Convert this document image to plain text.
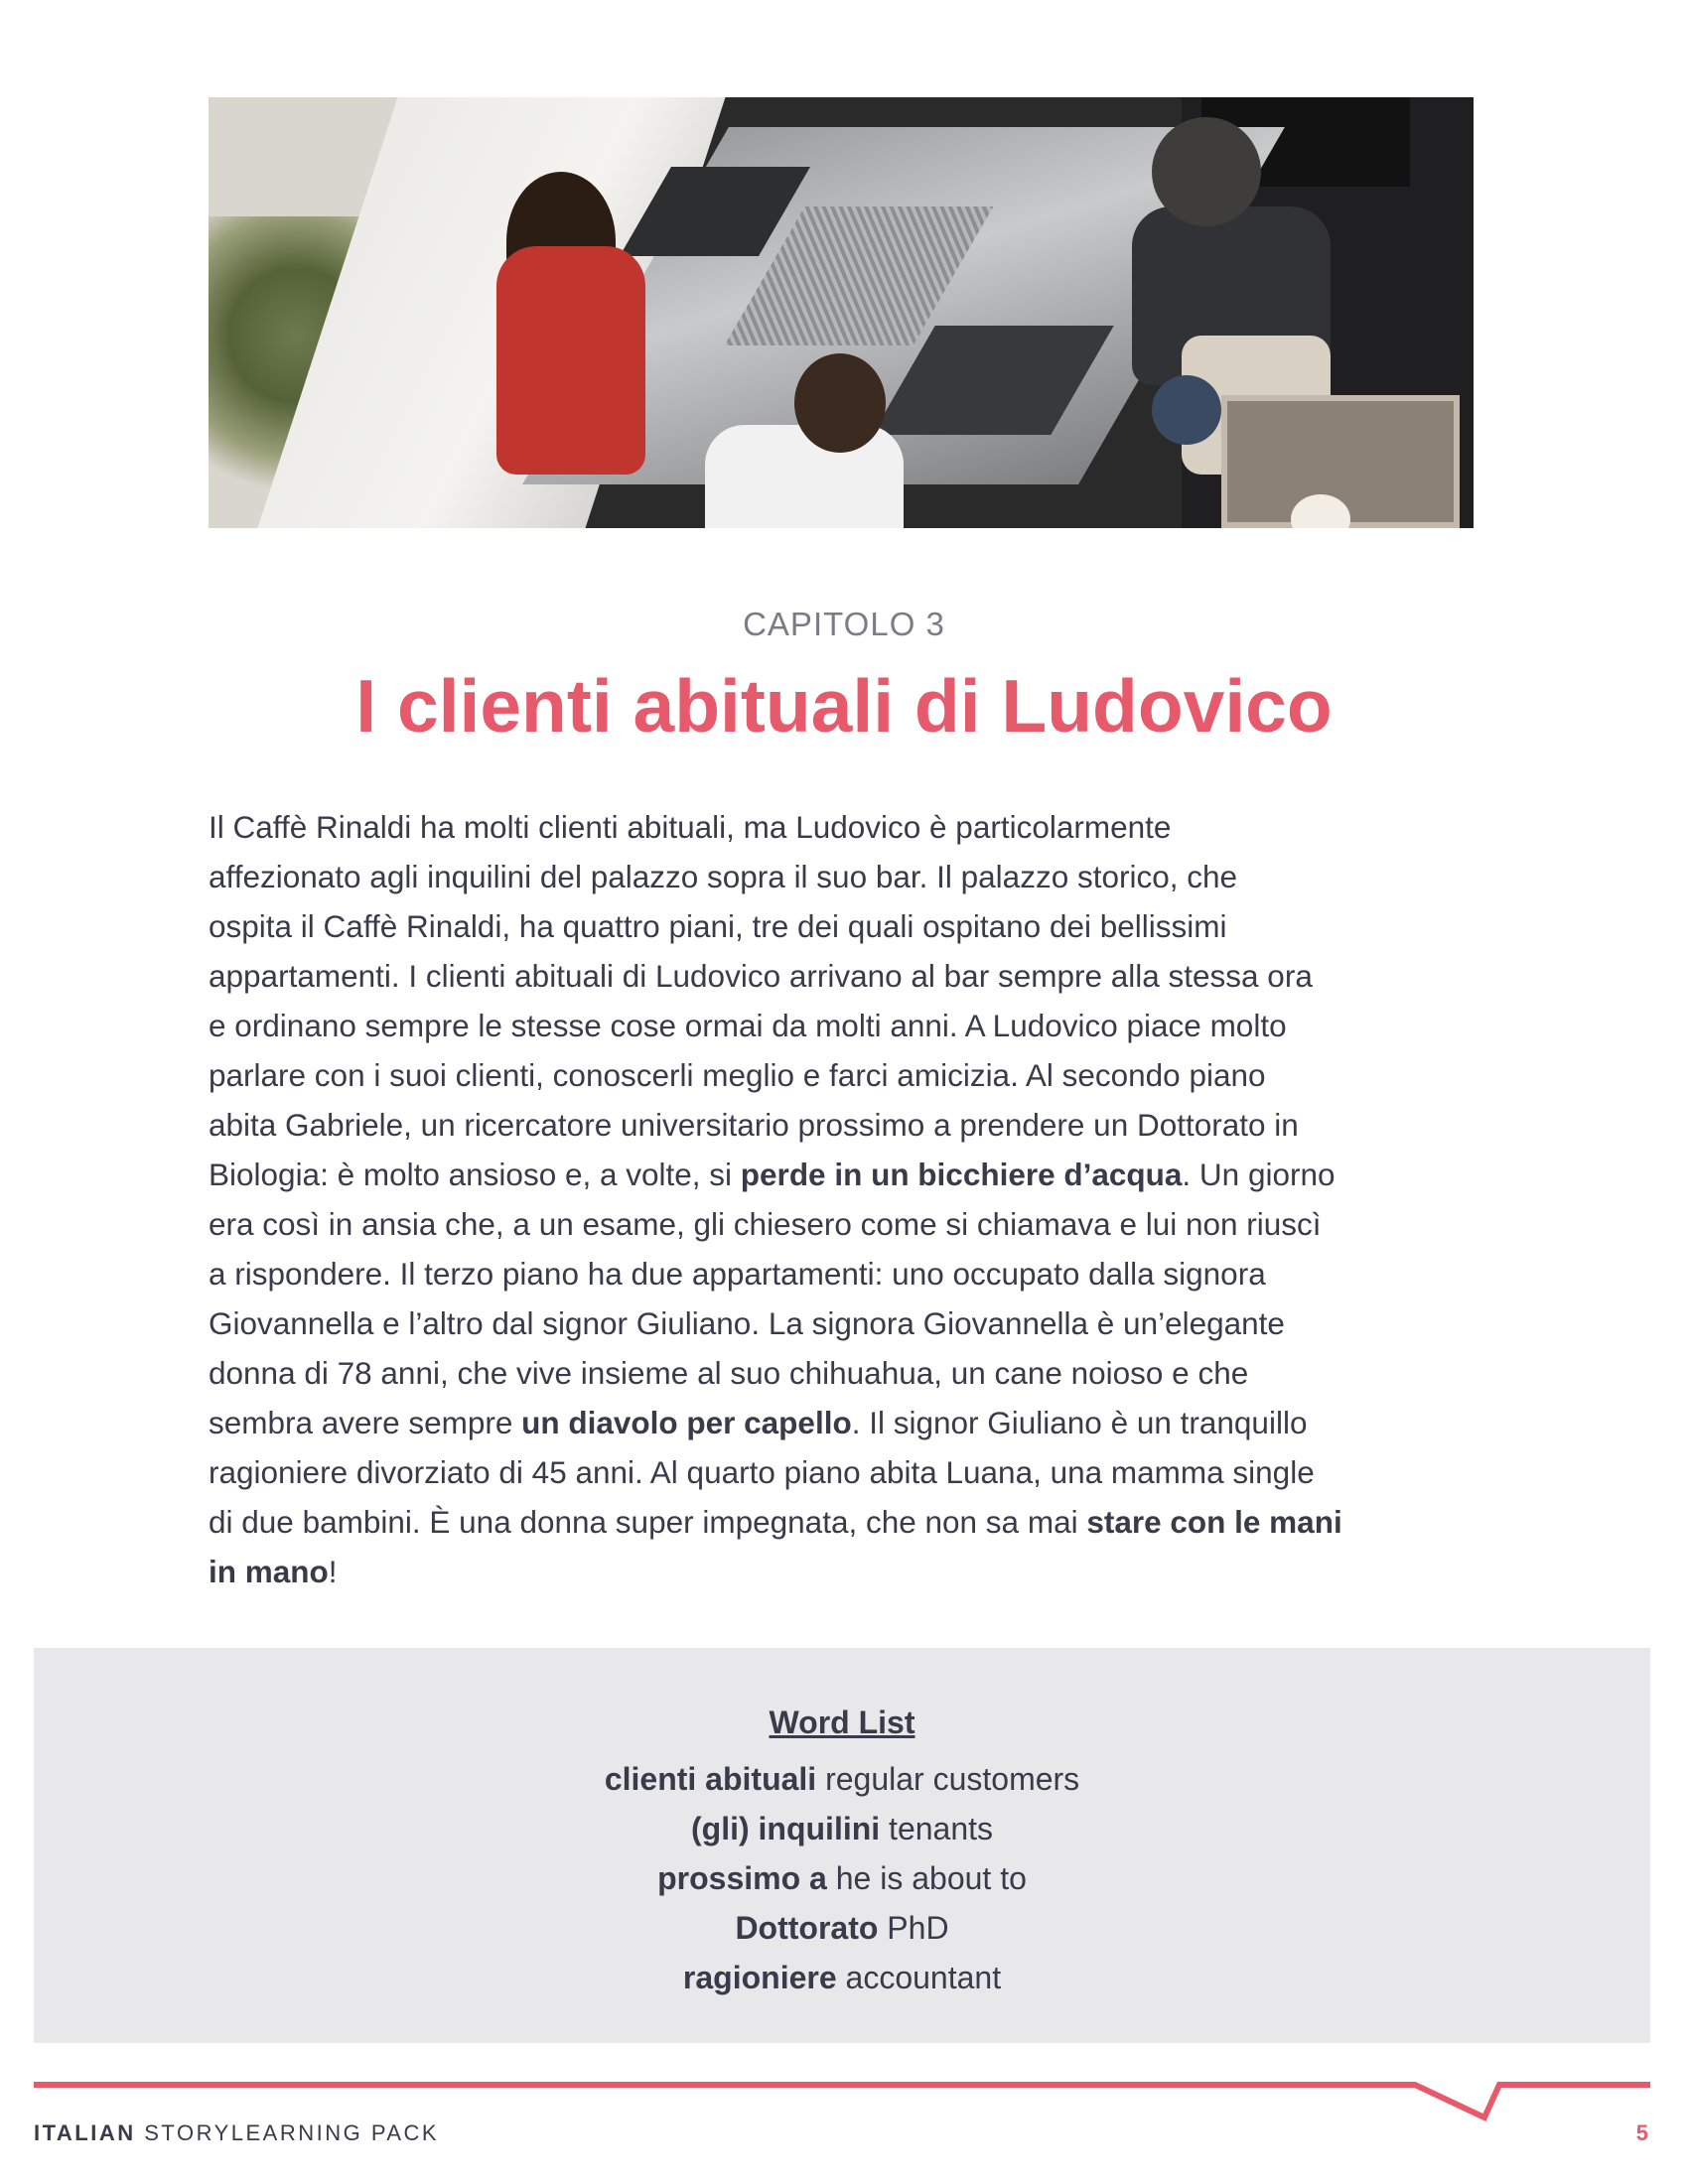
CAPITOLO 3
I clienti abituali di Ludovico
Il Caffè Rinaldi ha molti clienti abituali, ma Ludovico è particolarmente
affezionato agli inquilini del palazzo sopra il suo bar. Il palazzo storico, che
ospita il Caffè Rinaldi, ha quattro piani, tre dei quali ospitano dei bellissimi
appartamenti. I clienti abituali di Ludovico arrivano al bar sempre alla stessa ora
e ordinano sempre le stesse cose ormai da molti anni. A Ludovico piace molto
parlare con i suoi clienti, conoscerli meglio e farci amicizia. Al secondo piano
abita Gabriele, un ricercatore universitario prossimo a prendere un Dottorato in
Biologia: è molto ansioso e, a volte, si perde in un bicchiere d’acqua. Un giorno
era così in ansia che, a un esame, gli chiesero come si chiamava e lui non riuscì
a rispondere. Il terzo piano ha due appartamenti: uno occupato dalla signora
Giovannella e l’altro dal signor Giuliano. La signora Giovannella è un’elegante
donna di 78 anni, che vive insieme al suo chihuahua, un cane noioso e che
sembra avere sempre un diavolo per capello. Il signor Giuliano è un tranquillo
ragioniere divorziato di 45 anni. Al quarto piano abita Luana, una mamma single
di due bambini. È una donna super impegnata, che non sa mai stare con le mani
in mano!
Word List
clienti abituali regular customers
(gli) inquilini tenants
prossimo a he is about to
Dottorato PhD
ragioniere accountant
ITALIAN STORYLEARNING PACK	5
